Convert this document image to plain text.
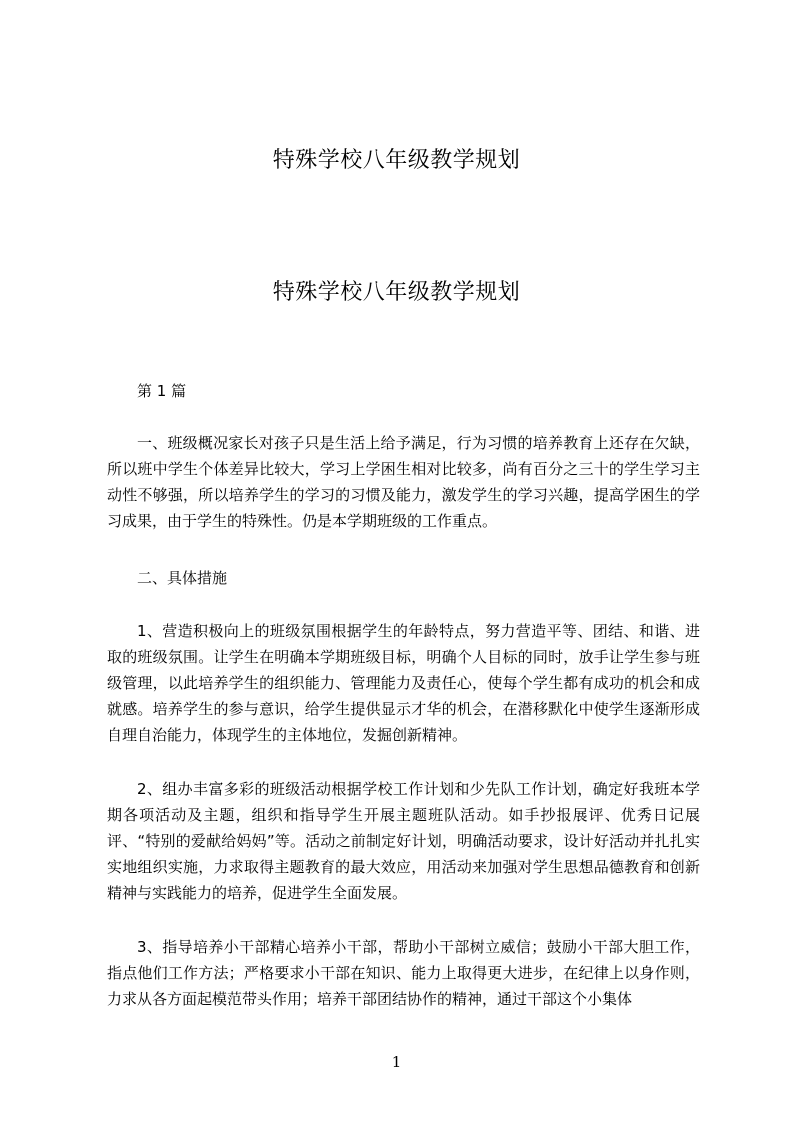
特殊学校八年级教学规划
特殊学校八年级教学规划

第 1 篇

一、班级概况家长对孩子只是生活上给予满足，行为习惯的培养教育上还存在欠缺，所以班中学生个体差异比较大，学习上学困生相对比较多，尚有百分之三十的学生学习主动性不够强，所以培养学生的学习的习惯及能力，激发学生的学习兴趣，提高学困生的学习成果，由于学生的特殊性。仍是本学期班级的工作重点。

二、具体措施

1、营造积极向上的班级氛围根据学生的年龄特点，努力营造平等、团结、和谐、进取的班级氛围。让学生在明确本学期班级目标，明确个人目标的同时，放手让学生参与班级管理，以此培养学生的组织能力、管理能力及责任心，使每个学生都有成功的机会和成就感。培养学生的参与意识，给学生提供显示才华的机会，在潜移默化中使学生逐渐形成自理自治能力，体现学生的主体地位，发掘创新精神。

2、组办丰富多彩的班级活动根据学校工作计划和少先队工作计划，确定好我班本学期各项活动及主题，组织和指导学生开展主题班队活动。如手抄报展评、优秀日记展评、“特别的爱献给妈妈”等。活动之前制定好计划，明确活动要求，设计好活动并扎扎实实地组织实施，力求取得主题教育的最大效应，用活动来加强对学生思想品德教育和创新精神与实践能力的培养，促进学生全面发展。

3、指导培养小干部精心培养小干部，帮助小干部树立威信；鼓励小干部大胆工作，指点他们工作方法；严格要求小干部在知识、能力上取得更大进步，在纪律上以身作则，力求从各方面起模范带头作用；培养干部团结协作的精神，通过干部这个小集体

1
